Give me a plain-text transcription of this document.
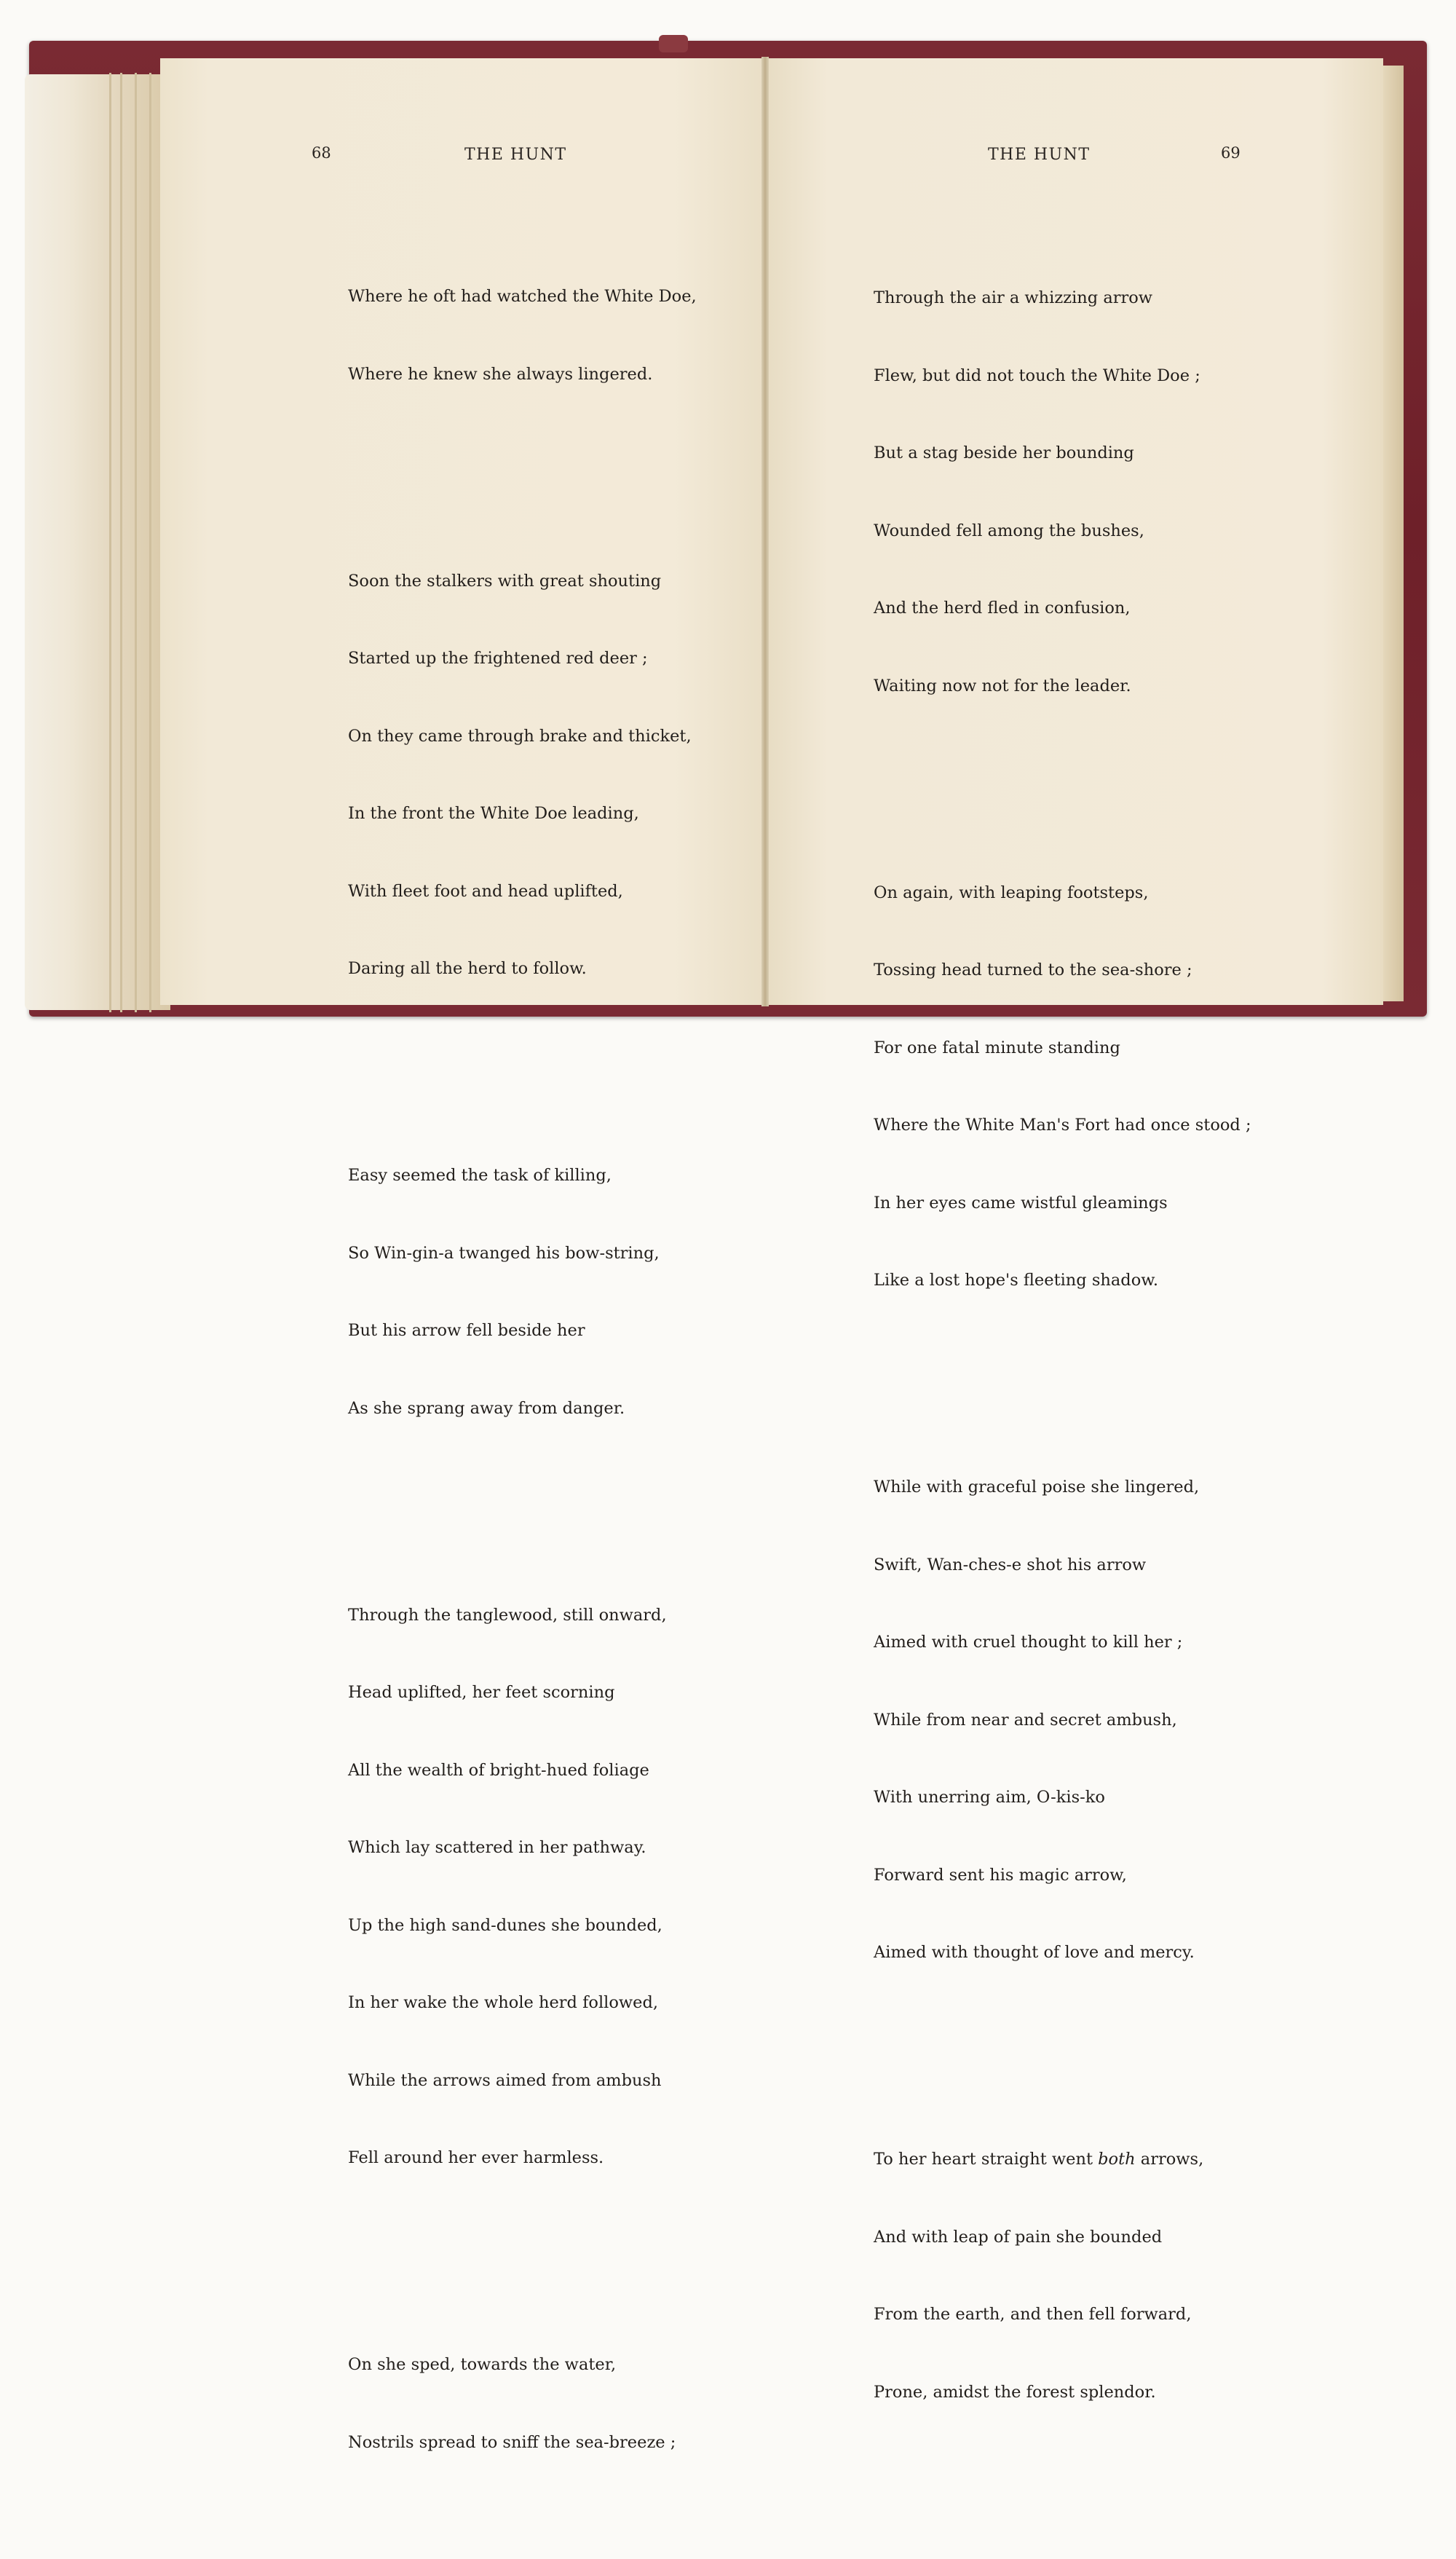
68	THE HUNT	THE HUNT	69

Where he oft had watched the White Doe,

Where he knew she always lingered.

Soon the stalkers with great shouting

Started up the frightened red deer ;

On they came through brake and thicket,

In the front the White Doe leading,

With fleet foot and head uplifted,

Daring all the herd to follow.

Easy seemed the task of killing,

So Win-gin-a twanged his bow-string,

But his arrow fell beside her

As she sprang away from danger.

Through the tanglewood, still onward,

Head uplifted, her feet scorning

All the wealth of bright-hued foliage

Which lay scattered in her pathway.

Up the high sand-dunes she bounded,

In her wake the whole herd followed,

While the arrows aimed from ambush

Fell around her ever harmless.

On she sped, towards the water,

Nostrils spread to sniff the sea-breeze ;

Through the air a whizzing arrow

Flew, but did not touch the White Doe ;

But a stag beside her bounding

Wounded fell among the bushes,

And the herd fled in confusion,

Waiting now not for the leader.

On again, with leaping footsteps,

Tossing head turned to the sea-shore ;

For one fatal minute standing

Where the White Man's Fort had once stood ;

In her eyes came wistful gleamings

Like a lost hope's fleeting shadow.

While with graceful poise she lingered,

Swift, Wan-ches-e shot his arrow

Aimed with cruel thought to kill her ;

While from near and secret ambush,

With unerring aim, O-kis-ko

Forward sent his magic arrow,

Aimed with thought of love and mercy.

To her heart straight went both arrows,

And with leap of pain she bounded

From the earth, and then fell forward,

Prone, amidst the forest splendor.
